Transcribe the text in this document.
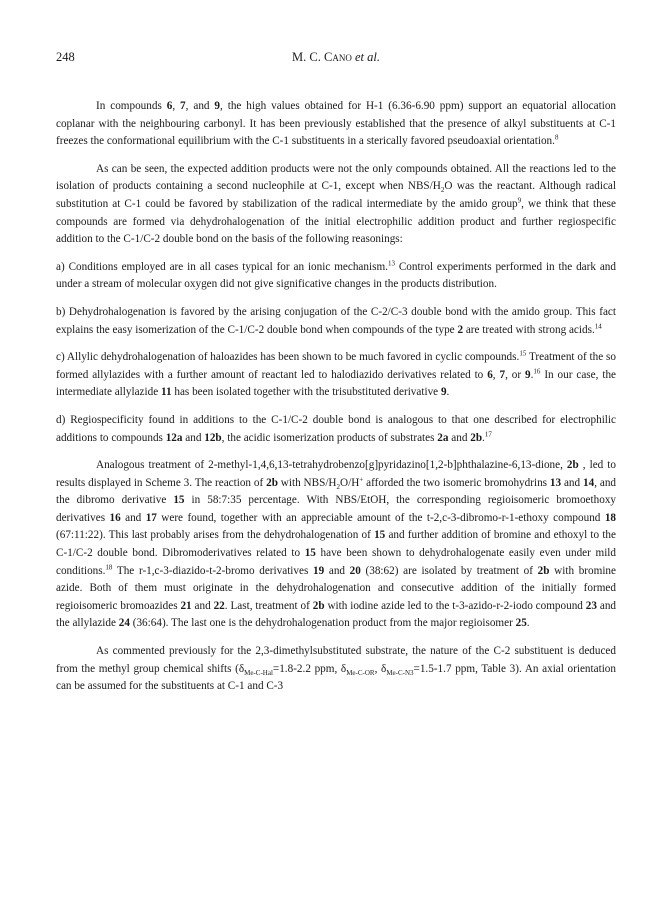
248	M. C. Cano et al.

In compounds 6, 7, and 9, the high values obtained for H-1 (6.36-6.90 ppm) support an equatorial allocation coplanar with the neighbouring carbonyl. It has been previously established that the presence of alkyl substituents at C-1 freezes the conformational equilibrium with the C-1 substituents in a sterically favored pseudoaxial orientation.$^8$

As can be seen, the expected addition products were not the only compounds obtained. All the reactions led to the isolation of products containing a second nucleophile at C-1, except when NBS/$H_2O$ was the reactant. Although radical substitution at C-1 could be favored by stabilization of the radical intermediate by the amido group$^9$, we think that these compounds are formed via dehydrohalogenation of the initial electrophilic addition product and further regiospecific addition to the C-1/C-2 double bond on the basis of the following reasonings:

a) Conditions employed are in all cases typical for an ionic mechanism.$^{13}$ Control experiments performed in the dark and under a stream of molecular oxygen did not give significative changes in the products distribution.

b) Dehydrohalogenation is favored by the arising conjugation of the C-2/C-3 double bond with the amido group. This fact explains the easy isomerization of the C-1/C-2 double bond when compounds of the type 2 are treated with strong acids.$^{14}$

c) Allylic dehydrohalogenation of haloazides has been shown to be much favored in cyclic compounds.$^{15}$ Treatment of the so formed allylazides with a further amount of reactant led to halodiazido derivatives related to 6, 7, or 9.16 In our case, the intermediate allylazide 11 has been isolated together with the trisubstituted derivative 9.

d) Regiospecificity found in additions to the C-1/C-2 double bond is analogous to that one described for electrophilic additions to compounds 12a and 12b, the acidic isomerization products of substrates 2a and 2b.$^{17}$

Analogous treatment of 2-methyl-1,4,6,13-tetrahydrobenzo[g]pyridazino[1,2-b]phthalazine-6,13-dione, 2b , led to results displayed in Scheme 3. The reaction of 2b with NBS/$H_2O/H^+$ afforded the two isomeric bromohydrins 13 and 14, and the dibromo derivative 15 in 58:7:35 percentage. With NBS/EtOH, the corresponding regioisomeric bromoethoxy derivatives 16 and 17 were found, together with an appreciable amount of the t-2,c-3-dibromo-r-1-ethoxy compound 18 (67:11:22). This last probably arises from the dehydrohalogenation of 15 and further addition of bromine and ethoxyl to the C-1/C-2 double bond. Dibromoderivatives related to 15 have been shown to dehydrohalogenate easily even under mild conditions.$^{18}$ The r-1,c-3-diazido-t-2-bromo derivatives 19 and 20 (38:62) are isolated by treatment of 2b with bromine azide. Both of them must originate in the dehydrohalogenation and consecutive addition of the initially formed regioisomeric bromoazides 21 and 22. Last, treatment of 2b with iodine azide led to the t-3-azido-r-2-iodo compound 23 and the allylazide 24 (36:64). The last one is the dehydrohalogenation product from the major regioisomer 25.

As commented previously for the 2,3-dimethylsubstituted substrate, the nature of the C-2 substituent is deduced from the methyl group chemical shifts ($\delta_{Me-C-Hal}=1.8-2.2$ ppm, $\delta_{Me-C-OR}$, $\delta_{Me-C-N3}=1.5-1.7$ ppm, Table 3). An axial orientation can be assumed for the substituents at C-1 and C-3
